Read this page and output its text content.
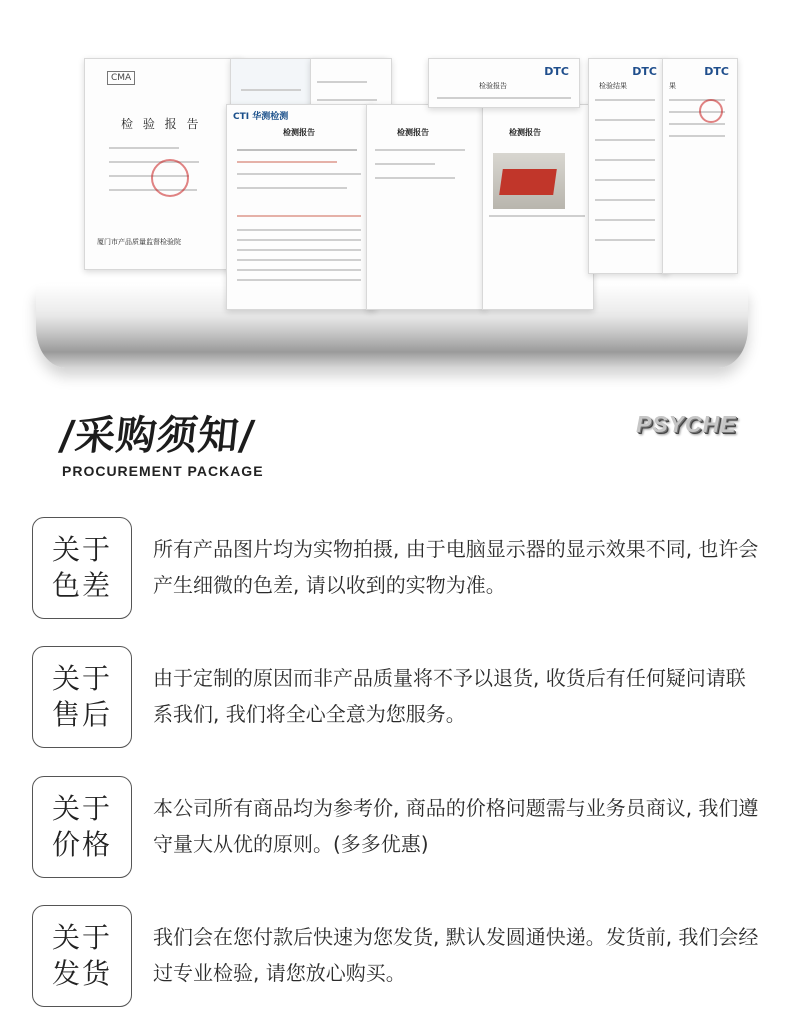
CMA
检 验 报 告
厦门市产品质量监督检验院
CTI 华测检测
检测报告	检测报告	检测报告
DTC
检验报告
DTC
检验结果
DTC
果
/采购须知/
PROCUREMENT PACKAGE
PSYCHE
关于
色差
所有产品图片均为实物拍摄, 由于电脑显示器的显示效果不同, 也许会产生细微的色差, 请以收到的实物为准。
关于
售后
由于定制的原因而非产品质量将不予以退货, 收货后有任何疑问请联系我们, 我们将全心全意为您服务。
关于
价格
本公司所有商品均为参考价, 商品的价格问题需与业务员商议, 我们遵守量大从优的原则。(多多优惠)
关于
发货
我们会在您付款后快速为您发货, 默认发圆通快递。发货前, 我们会经过专业检验, 请您放心购买。
